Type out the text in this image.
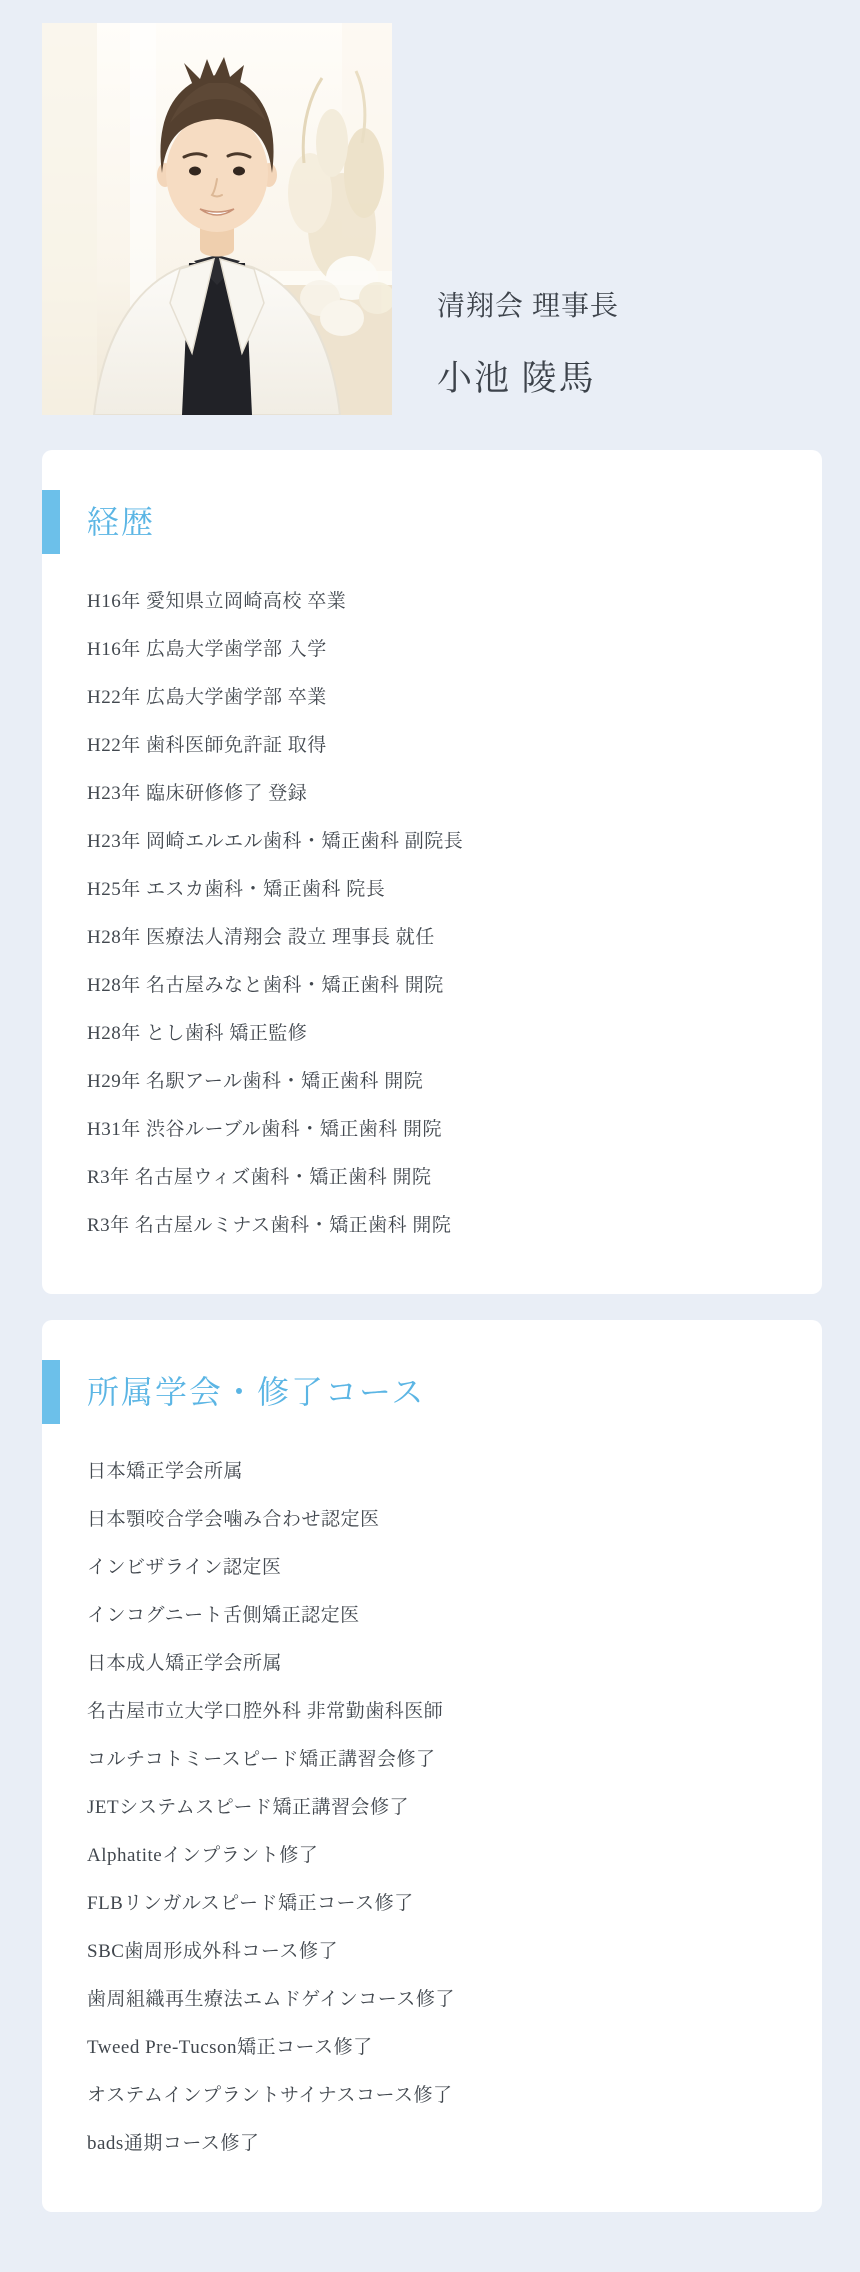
清翔会 理事長
小池 陵馬
経歴
H16年 愛知県立岡崎高校 卒業
H16年 広島大学歯学部 入学
H22年 広島大学歯学部 卒業
H22年 歯科医師免許証 取得
H23年 臨床研修修了 登録
H23年 岡崎エルエル歯科・矯正歯科 副院長
H25年 エスカ歯科・矯正歯科 院長
H28年 医療法人清翔会 設立 理事長 就任
H28年 名古屋みなと歯科・矯正歯科 開院
H28年 とし歯科 矯正監修
H29年 名駅アール歯科・矯正歯科 開院
H31年 渋谷ルーブル歯科・矯正歯科 開院
R3年 名古屋ウィズ歯科・矯正歯科 開院
R3年 名古屋ルミナス歯科・矯正歯科 開院
所属学会・修了コース
日本矯正学会所属
日本顎咬合学会噛み合わせ認定医
インビザライン認定医
インコグニート舌側矯正認定医
日本成人矯正学会所属
名古屋市立大学口腔外科 非常勤歯科医師
コルチコトミースピード矯正講習会修了
JETシステムスピード矯正講習会修了
Alphatiteインプラント修了
FLBリンガルスピード矯正コース修了
SBC歯周形成外科コース修了
歯周組織再生療法エムドゲインコース修了
Tweed Pre-Tucson矯正コース修了
オステムインプラントサイナスコース修了
bads通期コース修了
